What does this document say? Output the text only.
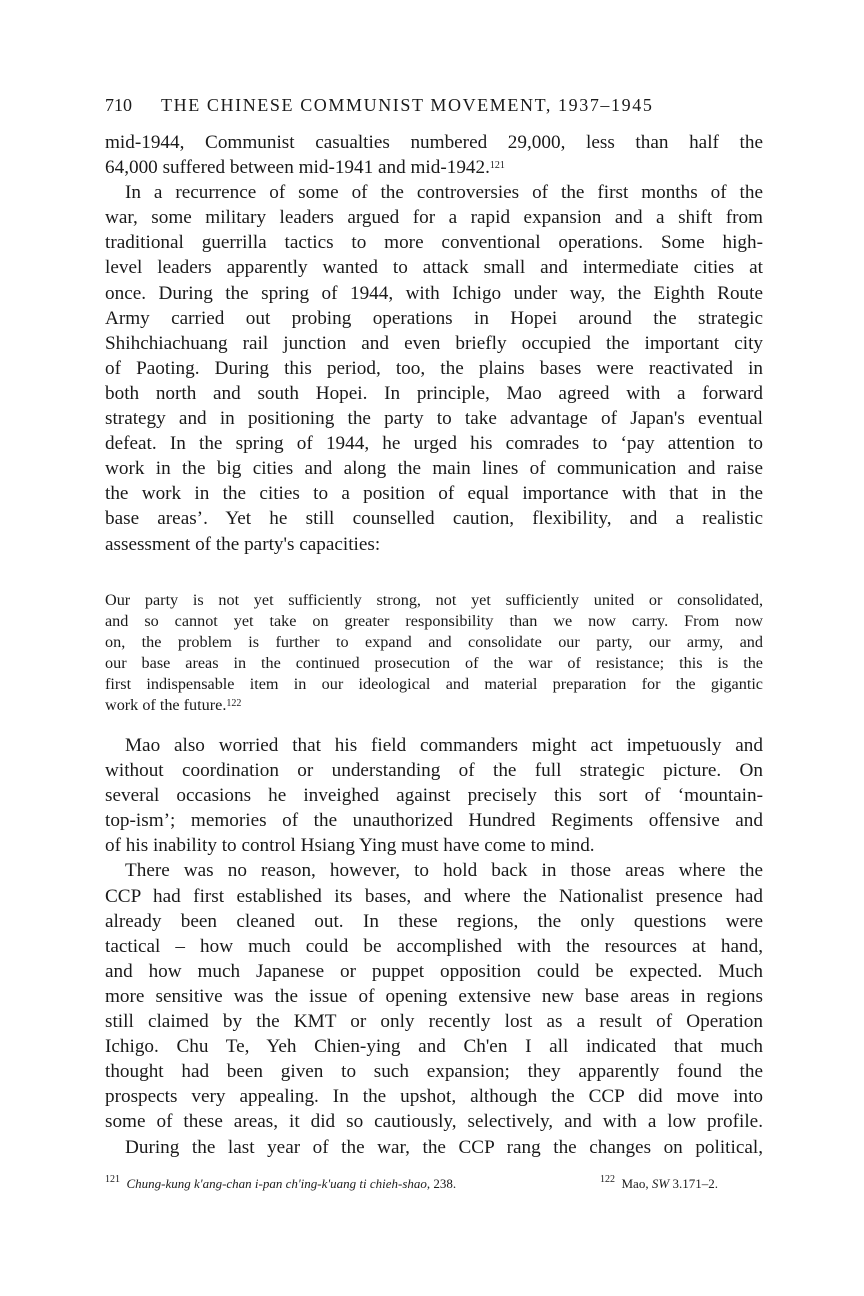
710 THE CHINESE COMMUNIST MOVEMENT, 1937–1945
mid-1944, Communist casualties numbered 29,000, less than half the
64,000 suffered between mid-1941 and mid-1942.$^{121}$
In a recurrence of some of the controversies of the first months of the
war, some military leaders argued for a rapid expansion and a shift from
traditional guerrilla tactics to more conventional operations. Some high-
level leaders apparently wanted to attack small and intermediate cities at
once. During the spring of 1944, with Ichigo under way, the Eighth Route
Army carried out probing operations in Hopei around the strategic
Shihchiachuang rail junction and even briefly occupied the important city
of Paoting. During this period, too, the plains bases were reactivated in
both north and south Hopei. In principle, Mao agreed with a forward
strategy and in positioning the party to take advantage of Japan's eventual
defeat. In the spring of 1944, he urged his comrades to ‘pay attention to
work in the big cities and along the main lines of communication and raise
the work in the cities to a position of equal importance with that in the
base areas’. Yet he still counselled caution, flexibility, and a realistic
assessment of the party's capacities:
Our party is not yet sufficiently strong, not yet sufficiently united or consolidated,
and so cannot yet take on greater responsibility than we now carry. From now
on, the problem is further to expand and consolidate our party, our army, and
our base areas in the continued prosecution of the war of resistance; this is the
first indispensable item in our ideological and material preparation for the gigantic
work of the future.$^{122}$
Mao also worried that his field commanders might act impetuously and
without coordination or understanding of the full strategic picture. On
several occasions he inveighed against precisely this sort of ‘mountain-
top-ism’; memories of the unauthorized Hundred Regiments offensive and
of his inability to control Hsiang Ying must have come to mind.
There was no reason, however, to hold back in those areas where the
CCP had first established its bases, and where the Nationalist presence had
already been cleaned out. In these regions, the only questions were
tactical – how much could be accomplished with the resources at hand,
and how much Japanese or puppet opposition could be expected. Much
more sensitive was the issue of opening extensive new base areas in regions
still claimed by the KMT or only recently lost as a result of Operation
Ichigo. Chu Te, Yeh Chien-ying and Ch'en I all indicated that much
thought had been given to such expansion; they apparently found the
prospects very appealing. In the upshot, although the CCP did move into
some of these areas, it did so cautiously, selectively, and with a low profile.
During the last year of the war, the CCP rang the changes on political,
$^{121}$ Chung-kung k'ang-chan i-pan ch'ing-k'uang ti chieh-shao, 238.	$^{122}$ Mao, SW 3.171–2.
